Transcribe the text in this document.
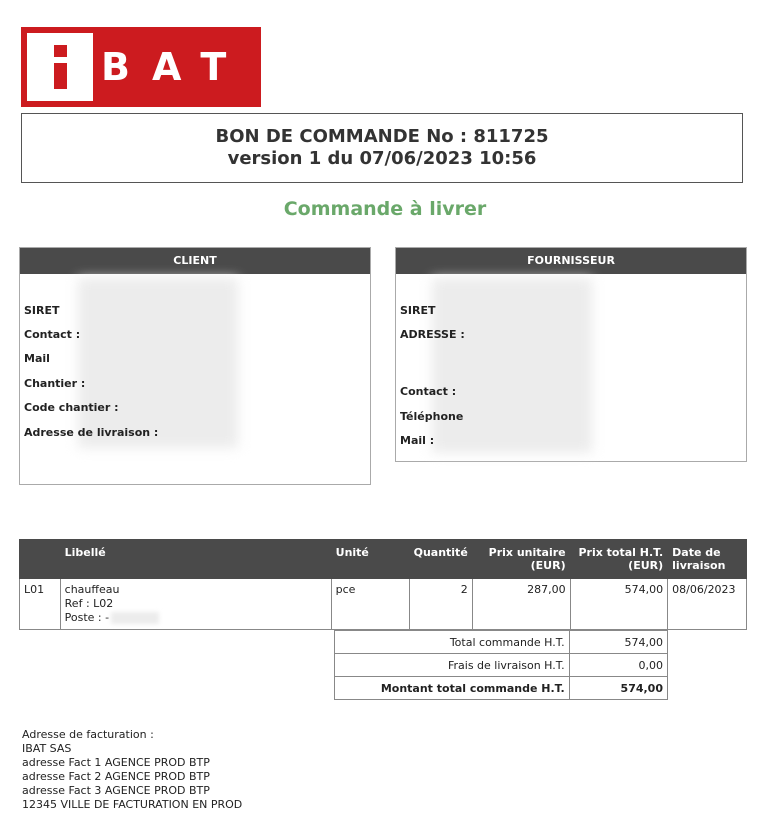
BAT
BON DE COMMANDE No : 811725
version 1 du 07/06/2023 10:56
Commande à livrer
CLIENT
SIRET
Contact :
Mail
Chantier :
Code chantier :
Adresse de livraison :
FOURNISSEUR
SIRET
ADRESSE :
Contact :
Téléphone
Mail :
	Libellé	Unité	Quantité	Prix unitaire (EUR)	Prix total H.T. (EUR)	Date de livraison
L01	chauffeau
Ref : L02
Poste : -	pce	2	287,00	574,00	08/06/2023
Total commande H.T.	574,00
Frais de livraison H.T.	0,00
Montant total commande H.T.	574,00
Adresse de facturation :
IBAT SAS
adresse Fact 1 AGENCE PROD BTP
adresse Fact 2 AGENCE PROD BTP
adresse Fact 3 AGENCE PROD BTP
12345 VILLE DE FACTURATION EN PROD
